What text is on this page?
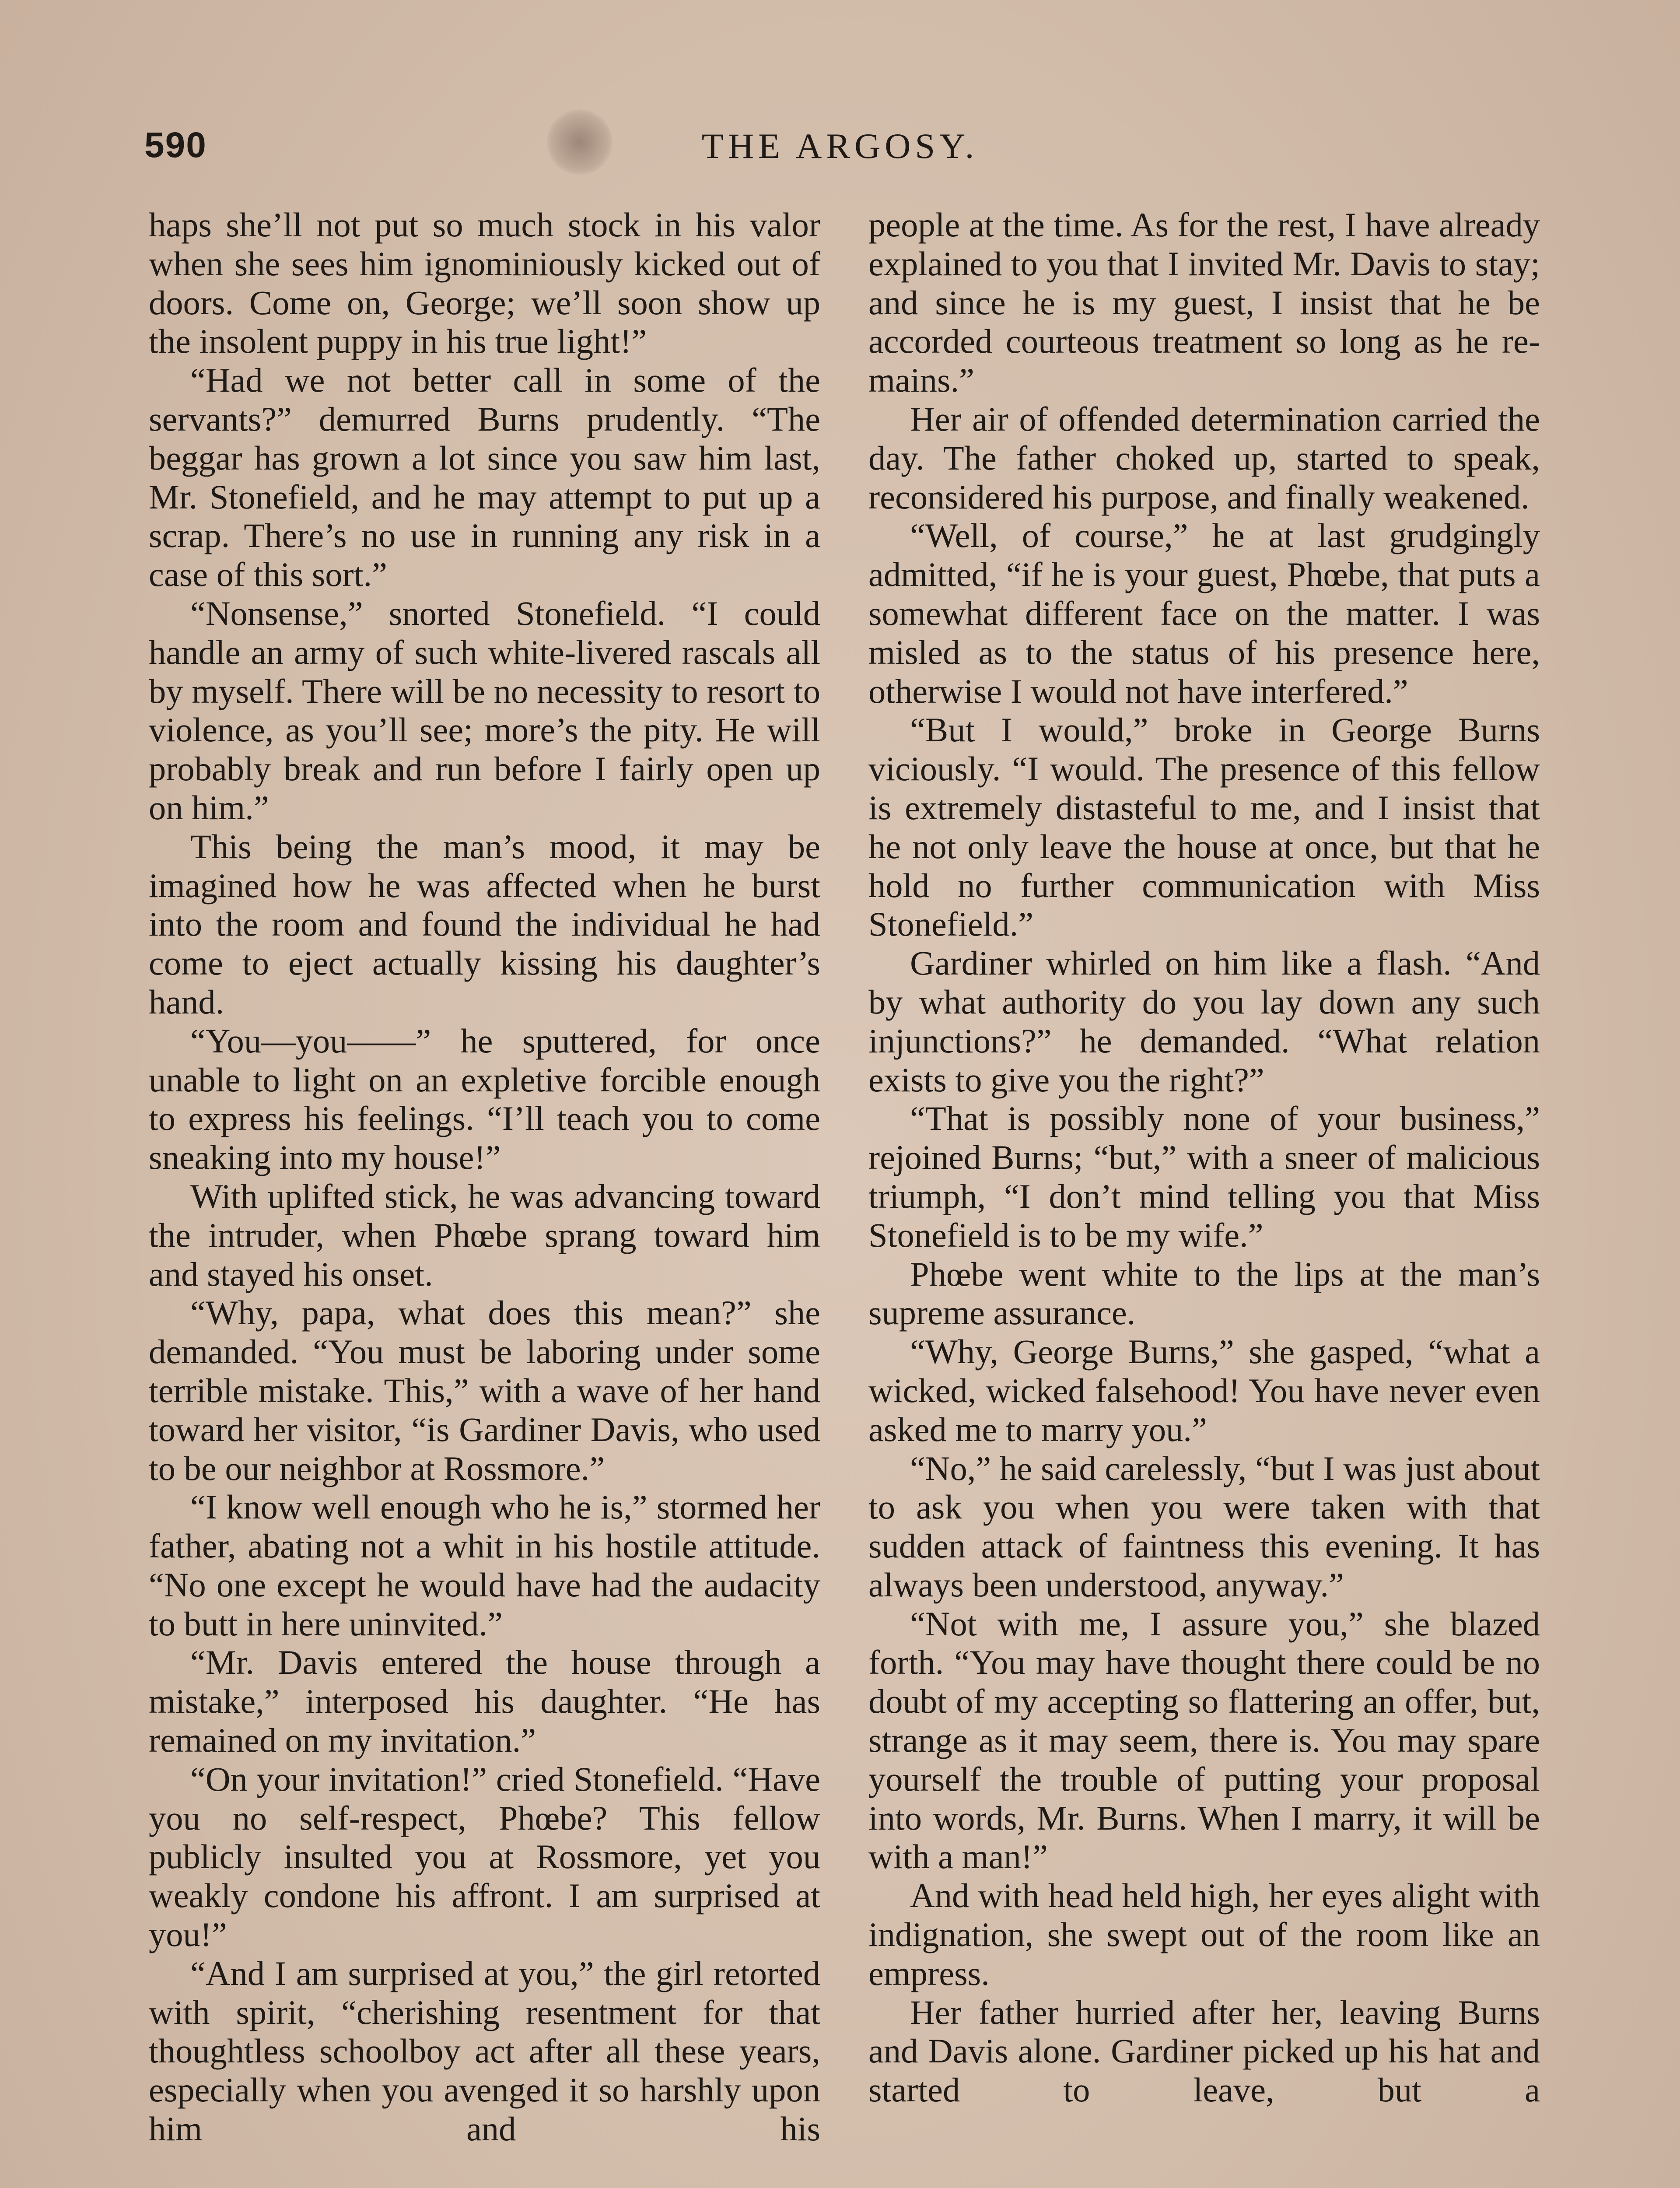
590	THE ARGOSY.

haps she’ll not put so much stock in his valor when she sees him ignominiously kicked out of doors. Come on, George; we’ll soon show up the insolent puppy in his true light!”

“Had we not better call in some of the servants?” demurred Burns prudently. “The beggar has grown a lot since you saw him last, Mr. Stonefield, and he may attempt to put up a scrap. There’s no use in running any risk in a case of this sort.”

“Nonsense,” snorted Stonefield. “I could handle an army of such white-livered rascals all by myself. There will be no necessity to resort to violence, as you’ll see; more’s the pity. He will probably break and run before I fairly open up on him.”

This being the man’s mood, it may be imagined how he was affected when he burst into the room and found the individual he had come to eject actually kissing his daughter’s hand.

“You—you——” he sputtered, for once unable to light on an expletive forcible enough to express his feelings. “I’ll teach you to come sneaking into my house!”

With uplifted stick, he was advancing toward the intruder, when Phœbe sprang toward him and stayed his onset.

“Why, papa, what does this mean?” she demanded. “You must be laboring under some terrible mistake. This,” with a wave of her hand toward her visitor, “is Gardiner Davis, who used to be our neighbor at Rossmore.”

“I know well enough who he is,” stormed her father, abating not a whit in his hostile attitude. “No one except he would have had the audacity to butt in here uninvited.”

“Mr. Davis entered the house through a mistake,” interposed his daughter. “He has remained on my invitation.”

“On your invitation!” cried Stonefield. “Have you no self-respect, Phœbe? This fellow publicly insulted you at Rossmore, yet you weakly condone his affront. I am surprised at you!”

“And I am surprised at you,” the girl retorted with spirit, “cherishing resentment for that thoughtless schoolboy act after all these years, especially when you avenged it so harshly upon him and his

people at the time. As for the rest, I have already explained to you that I invited Mr. Davis to stay; and since he is my guest, I insist that he be accorded courteous treatment so long as he remains.”

Her air of offended determination carried the day. The father choked up, started to speak, reconsidered his purpose, and finally weakened.

“Well, of course,” he at last grudgingly admitted, “if he is your guest, Phœbe, that puts a somewhat different face on the matter. I was misled as to the status of his presence here, otherwise I would not have interfered.”

“But I would,” broke in George Burns viciously. “I would. The presence of this fellow is extremely distasteful to me, and I insist that he not only leave the house at once, but that he hold no further communication with Miss Stonefield.”

Gardiner whirled on him like a flash. “And by what authority do you lay down any such injunctions?” he demanded. “What relation exists to give you the right?”

“That is possibly none of your business,” rejoined Burns; “but,” with a sneer of malicious triumph, “I don’t mind telling you that Miss Stonefield is to be my wife.”

Phœbe went white to the lips at the man’s supreme assurance.

“Why, George Burns,” she gasped, “what a wicked, wicked falsehood! You have never even asked me to marry you.”

“No,” he said carelessly, “but I was just about to ask you when you were taken with that sudden attack of faintness this evening. It has always been understood, anyway.”

“Not with me, I assure you,” she blazed forth. “You may have thought there could be no doubt of my accepting so flattering an offer, but, strange as it may seem, there is. You may spare yourself the trouble of putting your proposal into words, Mr. Burns. When I marry, it will be with a man!”

And with head held high, her eyes alight with indignation, she swept out of the room like an empress.

Her father hurried after her, leaving Burns and Davis alone. Gardiner picked up his hat and started to leave, but a
